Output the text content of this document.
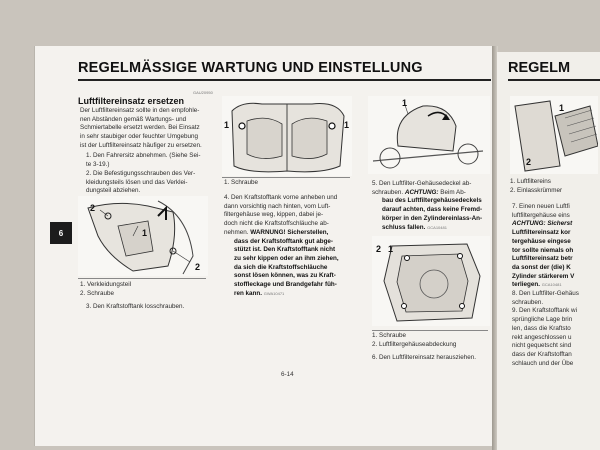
REGELMÄSSIGE WARTUNG UND EINSTELLUNG	REGELM
GAU20950
Luftfiltereinsatz ersetzen
Der Luftfiltereinsatz sollte in den empfohle-
nen Abständen gemäß Wartungs- und
Schmiertabelle ersetzt werden. Bei Einsatz
in sehr staubiger oder feuchter Umgebung
ist der Luftfiltereinsatz häufiger zu ersetzen.
1. Den Fahrersitz abnehmen. (Siehe Sei-
te 3-19.)
2. Die Befestigungsschrauben des Ver-
kleidungsteils lösen und das Verklei-
dungsteil abziehen.
2
1
2
1. Verkleidungsteil
2. Schraube
3. Den Kraftstofftank losschrauben.
6
1	1
1. Schraube
4. Den Kraftstofftank vorne anheben und
dann vorsichtig nach hinten, vom Luft-
filtergehäuse weg, kippen, dabei je-
doch nicht die Kraftstoffschläuche ab-
nehmen. WARNUNG! Sicherstellen,
dass der Kraftstofftank gut abge-
stützt ist. Den Kraftstofftank nicht
zu sehr kippen oder an ihm ziehen,
da sich die Kraftstoffschläuche
sonst lösen können, was zu Kraft-
stoffleckage und Brandgefahr füh-
ren kann. GWA10471
1
5. Den Luftfilter-Gehäusedeckel ab-
schrauben. ACHTUNG: Beim Ab-
bau des Luftfiltergehäusedeckels
darauf achten, dass keine Fremd-
körper in den Zylindereinlass-An-
schluss fallen. GCA10481
2 1
1. Schraube
2. Luftfiltergehäuseabdeckung
6. Den Luftfiltereinsatz herausziehen.
6-14
1
2
1. Luftfiltereins
2. Einlasskrümmer
7. Einen neuen Luftfi
luftfiltergehäuse eins
ACHTUNG: Sicherst
Luftfiltereinsatz kor
tergehäuse eingese
tor sollte niemals oh
Luftfiltereinsatz betr
da sonst der (die) K
Zylinder stärkerem V
terliegen. GCA10481
8. Den Luftfilter-Gehäus
schrauben.
9. Den Kraftstofftank wi
sprüngliche Lage brin
len, dass die Kraftsto
rekt angeschlossen u
nicht gequetscht sind
dass der Kraftstofftan
schlauch und der Übe
